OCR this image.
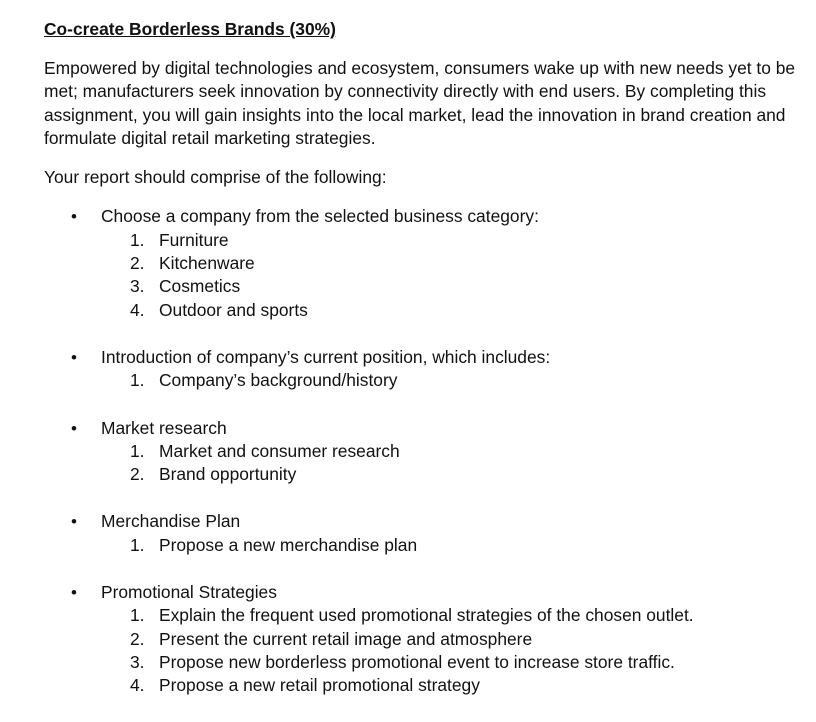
Co-create Borderless Brands (30%)

Empowered by digital technologies and ecosystem, consumers wake up with new needs yet to be met; manufacturers seek innovation by connectivity directly with end users. By completing this assignment, you will gain insights into the local market, lead the innovation in brand creation and formulate digital retail marketing strategies.

Your report should comprise of the following:

• Choose a company from the selected business category:
1. Furniture
2. Kitchenware
3. Cosmetics
4. Outdoor and sports
• Introduction of company’s current position, which includes:
1. Company’s background/history
• Market research
1. Market and consumer research
2. Brand opportunity
• Merchandise Plan
1. Propose a new merchandise plan
• Promotional Strategies
1. Explain the frequent used promotional strategies of the chosen outlet.
2. Present the current retail image and atmosphere
3. Propose new borderless promotional event to increase store traffic.
4. Propose a new retail promotional strategy
